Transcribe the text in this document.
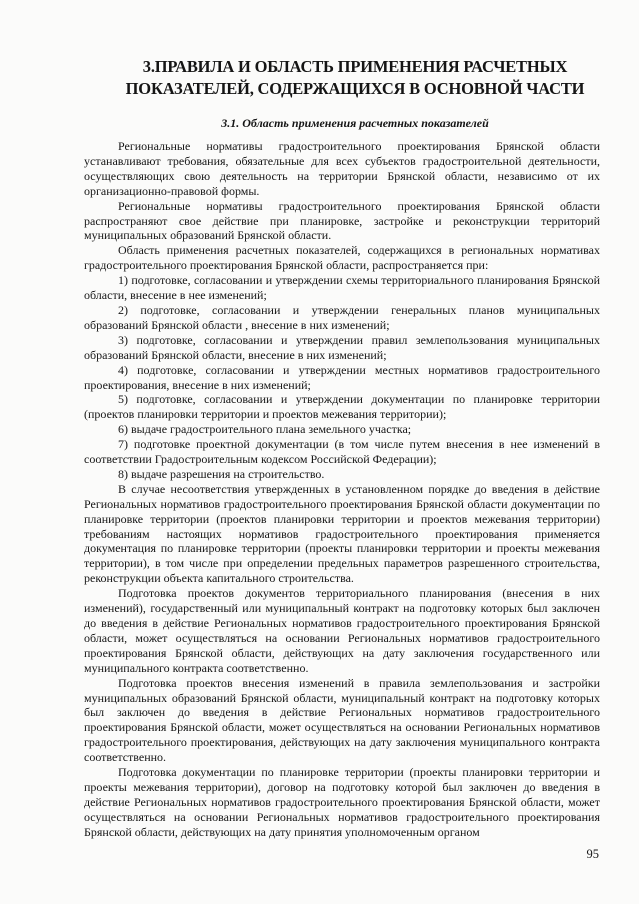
3.ПРАВИЛА И ОБЛАСТЬ ПРИМЕНЕНИЯ РАСЧЕТНЫХ
ПОКАЗАТЕЛЕЙ, СОДЕРЖАЩИХСЯ В ОСНОВНОЙ ЧАСТИ
3.1. Область применения расчетных показателей

Региональные нормативы градостроительного проектирования Брянской области устанавливают требования, обязательные для всех субъектов градостроительной деятельности, осуществляющих свою деятельность на территории Брянской области, независимо от их организационно-правовой формы.

Региональные нормативы градостроительного проектирования Брянской области распространяют свое действие при планировке, застройке и реконструкции территорий муниципальных образований Брянской области.

Область применения расчетных показателей, содержащихся в региональных нормативах градостроительного проектирования Брянской области, распространяется при:

1) подготовке, согласовании и утверждении схемы территориального планирования Брянской области, внесение в нее изменений;

2) подготовке, согласовании и утверждении генеральных планов муниципальных образований Брянской области , внесение в них изменений;

3) подготовке, согласовании и утверждении правил землепользования муниципальных образований Брянской области, внесение в них изменений;

4) подготовке, согласовании и утверждении местных нормативов градостроительного проектирования, внесение в них изменений;

5) подготовке, согласовании и утверждении документации по планировке территории (проектов планировки территории и проектов межевания территории);

6) выдаче градостроительного плана земельного участка;

7) подготовке проектной документации (в том числе путем внесения в нее изменений в соответствии Градостроительным кодексом Российской Федерации);

8) выдаче разрешения на строительство.

В случае несоответствия утвержденных в установленном порядке до введения в действие Региональных нормативов градостроительного проектирования Брянской области документации по планировке территории (проектов планировки территории и проектов межевания территории) требованиям настоящих нормативов градостроительного проектирования применяется документация по планировке территории (проекты планировки территории и проекты межевания территории), в том числе при определении предельных параметров разрешенного строительства, реконструкции объекта капитального строительства.

Подготовка проектов документов территориального планирования (внесения в них изменений), государственный или муниципальный контракт на подготовку которых был заключен до введения в действие Региональных нормативов градостроительного проектирования Брянской области, может осуществляться на основании Региональных нормативов градостроительного проектирования Брянской области, действующих на дату заключения государственного или муниципального контракта соответственно.

Подготовка проектов внесения изменений в правила землепользования и застройки муниципальных образований Брянской области, муниципальный контракт на подготовку которых был заключен до введения в действие Региональных нормативов градостроительного проектирования Брянской области, может осуществляться на основании Региональных нормативов градостроительного проектирования, действующих на дату заключения муниципального контракта соответственно.

Подготовка документации по планировке территории (проекты планировки территории и проекты межевания территории), договор на подготовку которой был заключен до введения в действие Региональных нормативов градостроительного проектирования Брянской области, может осуществляться на основании Региональных нормативов градостроительного проектирования Брянской области, действующих на дату принятия уполномоченным органом

95
